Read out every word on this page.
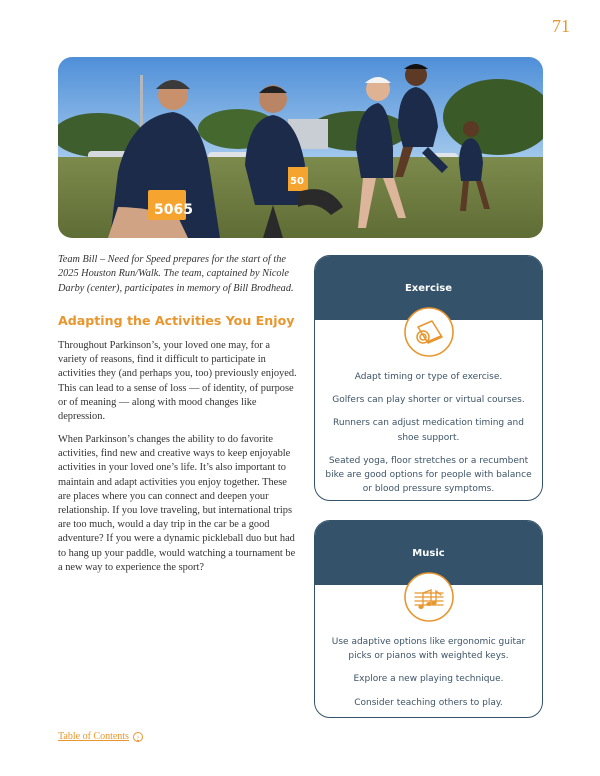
71
5065
50

Team Bill – Need for Speed prepares for the start of the 2025 Houston Run/Walk. The team, captained by Nicole Darby (center), participates in memory of Bill Brodhead.

Adapting the Activities You Enjoy

Throughout Parkinson’s, your loved one may, for a variety of reasons, find it difficult to participate in activities they (and perhaps you, too) previously enjoyed. This can lead to a sense of loss — of identity, of purpose or of meaning — along with mood changes like depression.

When Parkinson’s changes the ability to do favorite activities, find new and creative ways to keep enjoyable activities in your loved one’s life. It’s also important to maintain and adapt activities you enjoy together. These are places where you can connect and deepen your relationship. If you love traveling, but international trips are too much, would a day trip in the car be a good adventure? If you were a dynamic pickleball duo but had to hang up your paddle, would watching a tournament be a new way to experience the sport?

Exercise
Adapt timing or type of exercise.
Golfers can play shorter or virtual courses.
Runners can adjust medication timing and shoe support.
Seated yoga, floor stretches or a recumbent bike are good options for people with balance or blood pressure symptoms.
Music
Use adaptive options like ergonomic guitar picks or pianos with weighted keys.
Explore a new playing technique.
Consider teaching others to play.
Table of Contents	›
